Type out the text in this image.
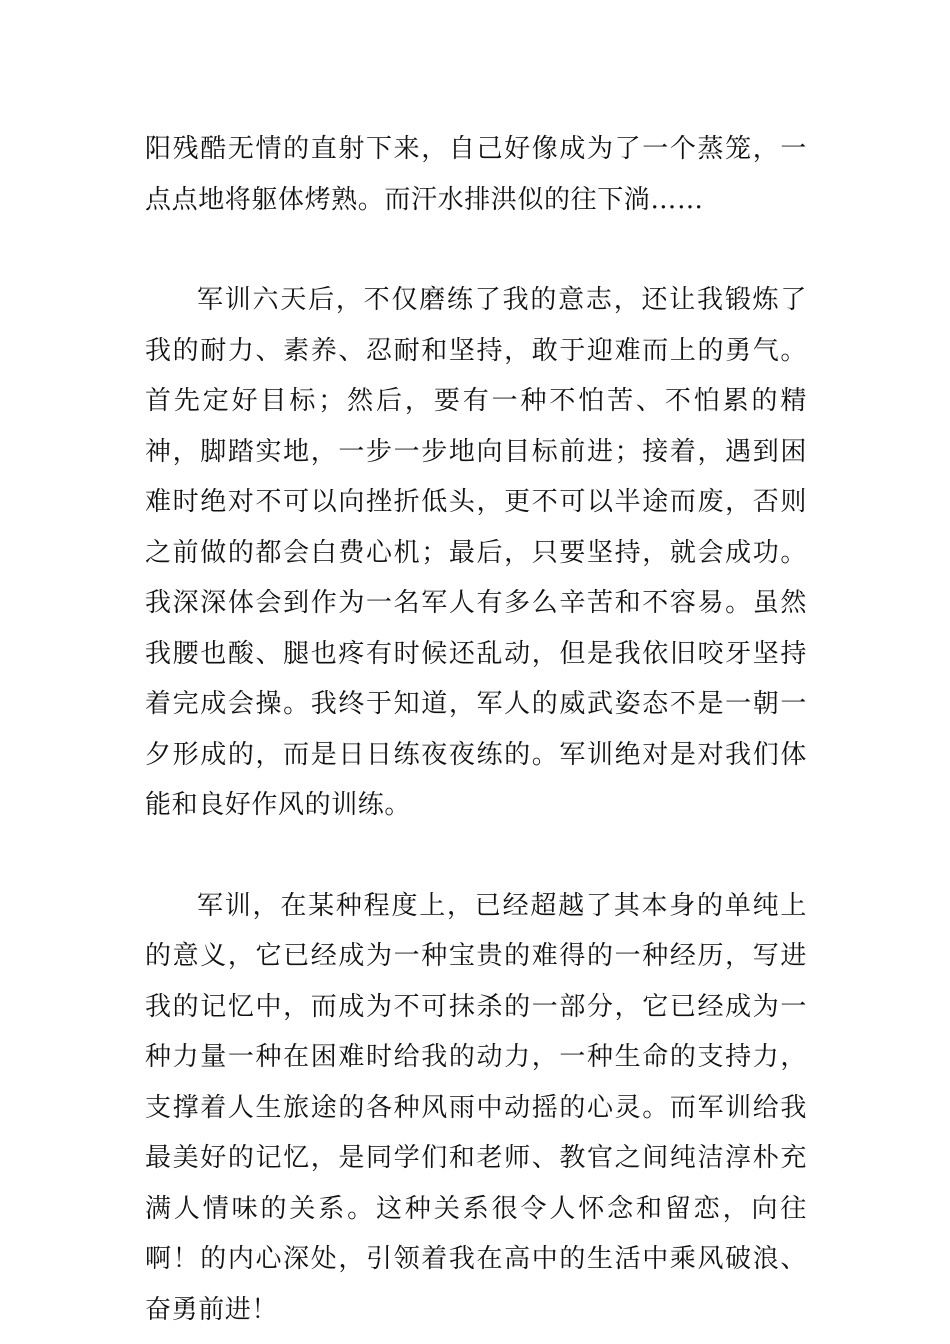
阳残酷无情的直射下来，自己好像成为了一个蒸笼，一点点地将躯体烤熟。而汗水排洪似的往下淌……

军训六天后，不仅磨练了我的意志，还让我锻炼了我的耐力、素养、忍耐和坚持，敢于迎难而上的勇气。首先定好目标；然后，要有一种不怕苦、不怕累的精神，脚踏实地，一步一步地向目标前进；接着，遇到困难时绝对不可以向挫折低头，更不可以半途而废，否则之前做的都会白费心机；最后，只要坚持，就会成功。我深深体会到作为一名军人有多么辛苦和不容易。虽然我腰也酸、腿也疼有时候还乱动，但是我依旧咬牙坚持着完成会操。我终于知道，军人的威武姿态不是一朝一夕形成的，而是日日练夜夜练的。军训绝对是对我们体能和良好作风的训练。

军训，在某种程度上，已经超越了其本身的单纯上的意义，它已经成为一种宝贵的难得的一种经历，写进我的记忆中，而成为不可抹杀的一部分，它已经成为一种力量一种在困难时给我的动力，一种生命的支持力，支撑着人生旅途的各种风雨中动摇的心灵。而军训给我最美好的记忆，是同学们和老师、教官之间纯洁淳朴充满人情味的关系。这种关系很令人怀念和留恋，向往啊！的内心深处，引领着我在高中的生活中乘风破浪、奋勇前进！
